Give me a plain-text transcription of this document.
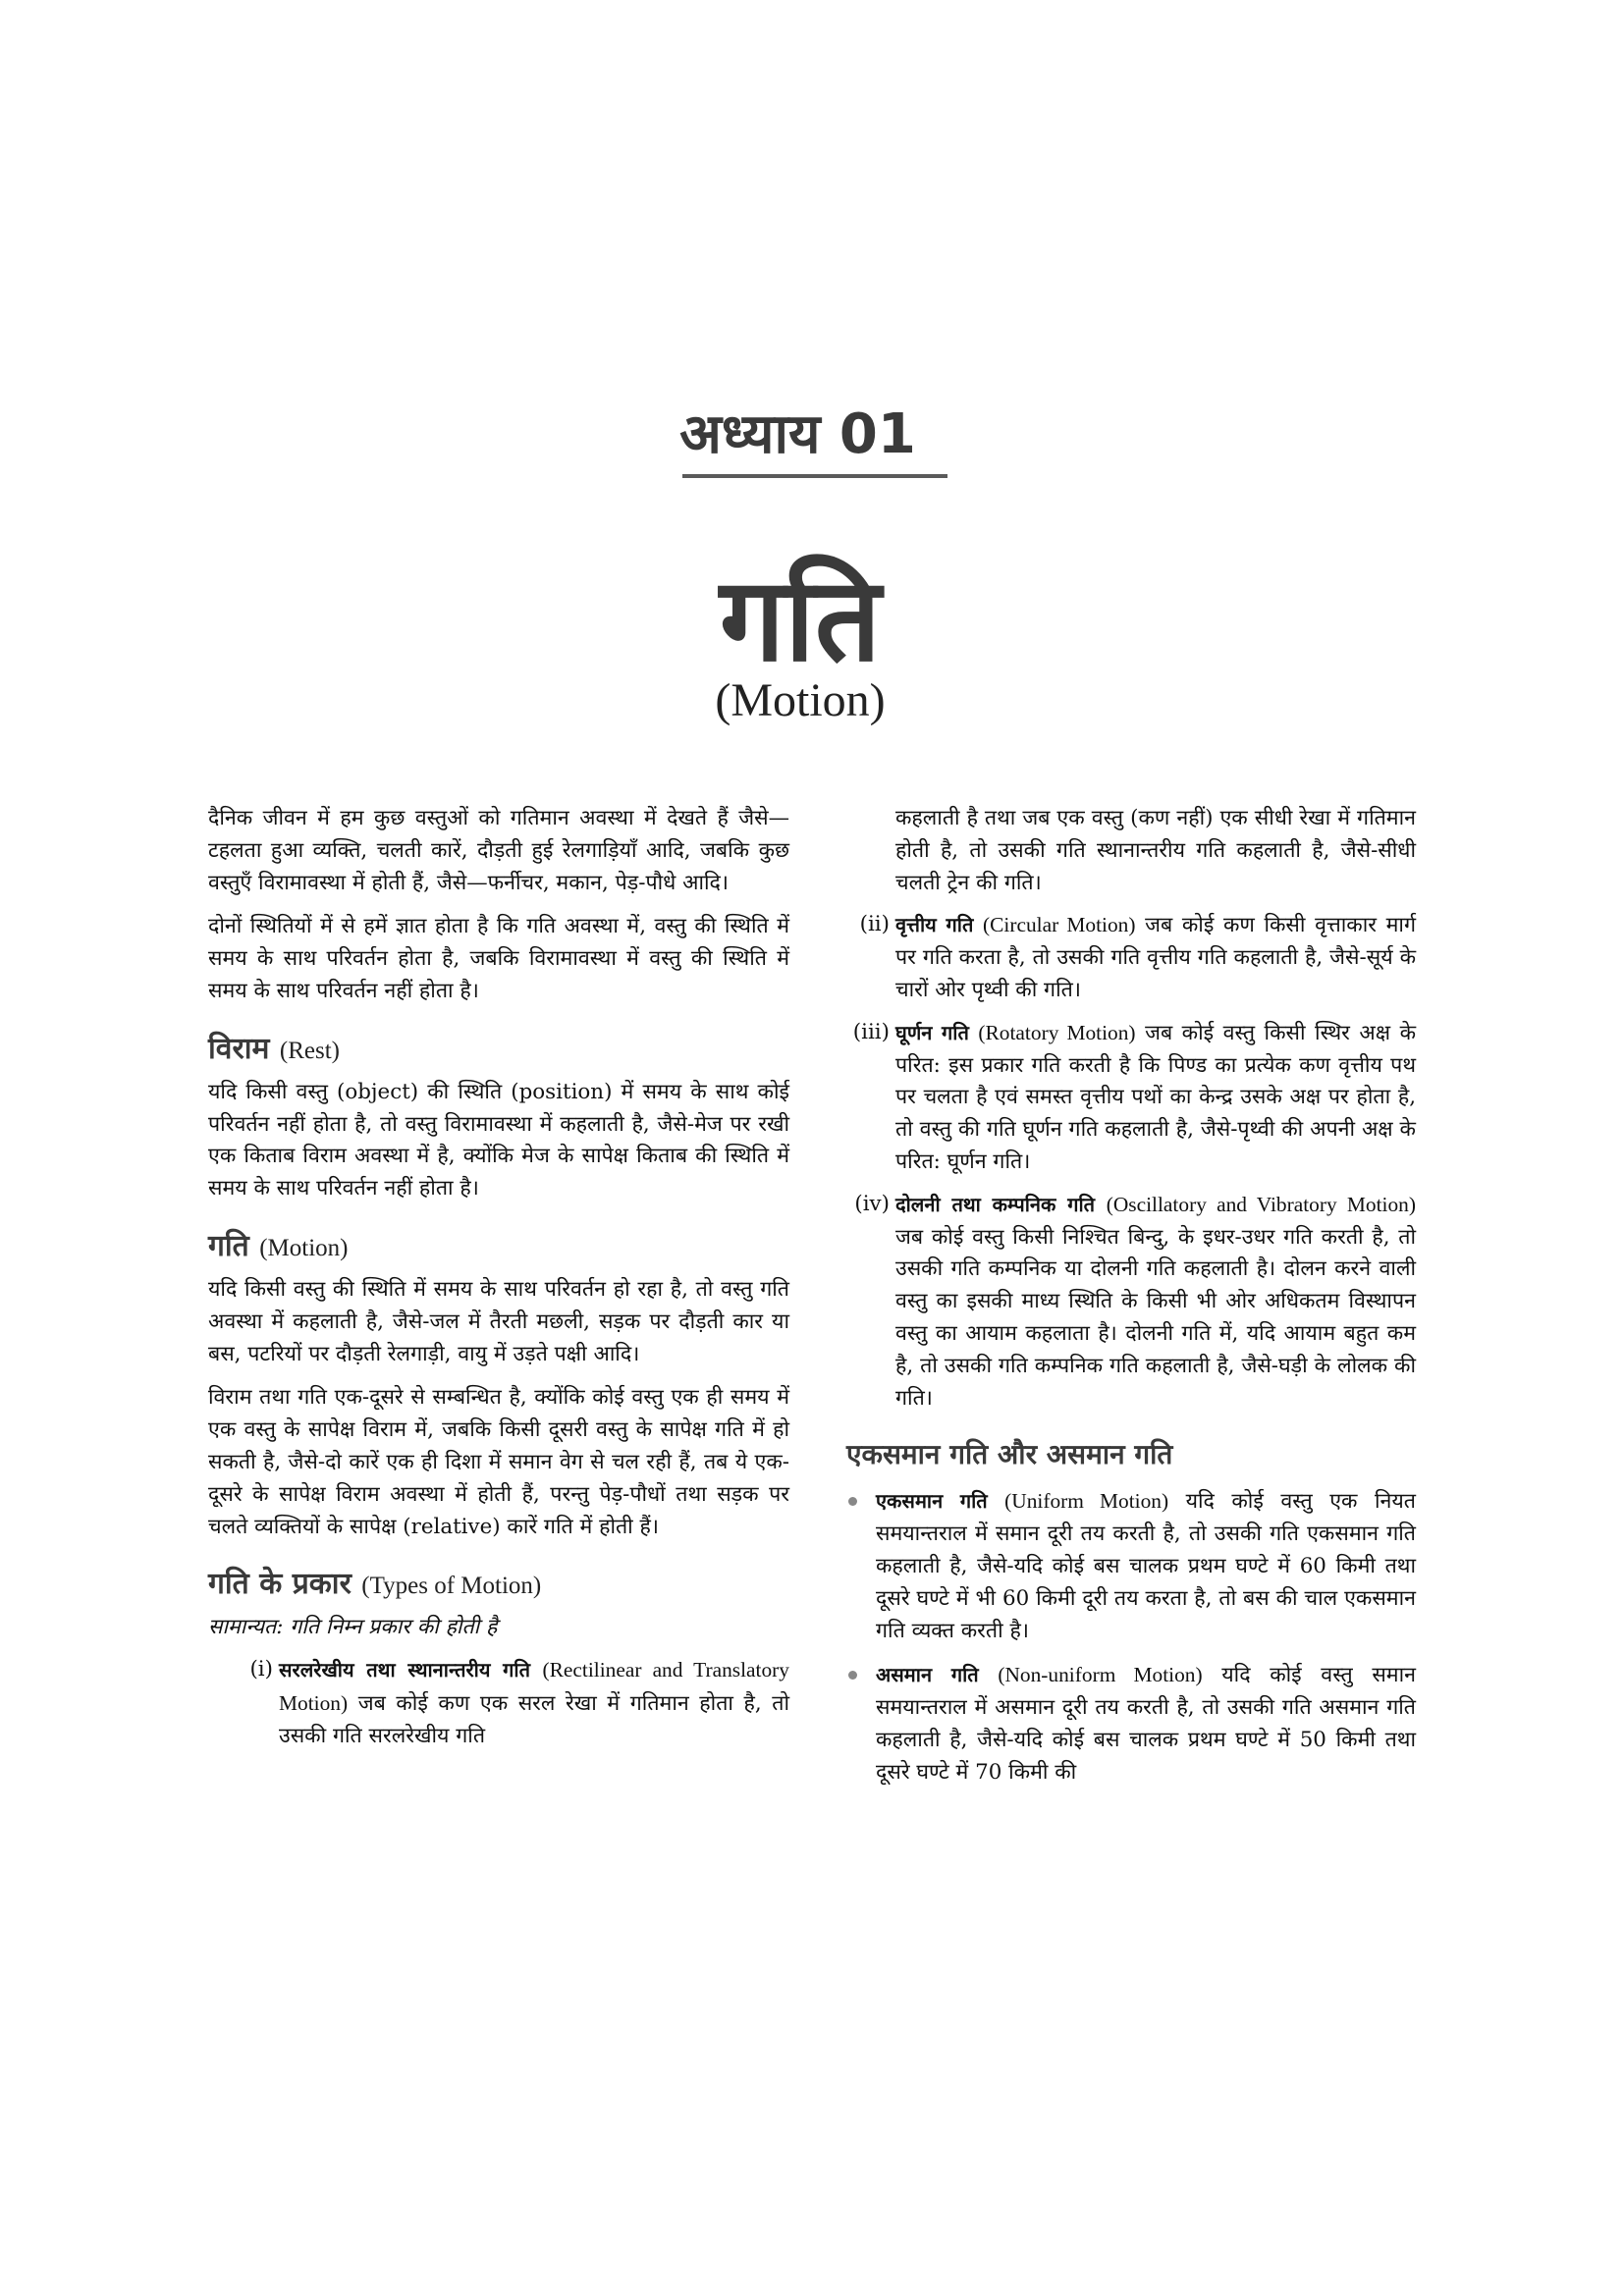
अध्याय 01
गति
(Motion)

दैनिक जीवन में हम कुछ वस्तुओं को गतिमान अवस्था में देखते हैं जैसे—टहलता हुआ व्यक्ति, चलती कारें, दौड़ती हुई रेलगाड़ियाँ आदि, जबकि कुछ वस्तुएँ विरामावस्था में होती हैं, जैसे—फर्नीचर, मकान, पेड़-पौधे आदि।

दोनों स्थितियों में से हमें ज्ञात होता है कि गति अवस्था में, वस्तु की स्थिति में समय के साथ परिवर्तन होता है, जबकि विरामावस्था में वस्तु की स्थिति में समय के साथ परिवर्तन नहीं होता है।

विराम (Rest)

यदि किसी वस्तु (object) की स्थिति (position) में समय के साथ कोई परिवर्तन नहीं होता है, तो वस्तु विरामावस्था में कहलाती है, जैसे-मेज पर रखी एक किताब विराम अवस्था में है, क्योंकि मेज के सापेक्ष किताब की स्थिति में समय के साथ परिवर्तन नहीं होता है।

गति (Motion)

यदि किसी वस्तु की स्थिति में समय के साथ परिवर्तन हो रहा है, तो वस्तु गति अवस्था में कहलाती है, जैसे-जल में तैरती मछली, सड़क पर दौड़ती कार या बस, पटरियों पर दौड़ती रेलगाड़ी, वायु में उड़ते पक्षी आदि।

विराम तथा गति एक-दूसरे से सम्बन्धित है, क्योंकि कोई वस्तु एक ही समय में एक वस्तु के सापेक्ष विराम में, जबकि किसी दूसरी वस्तु के सापेक्ष गति में हो सकती है, जैसे-दो कारें एक ही दिशा में समान वेग से चल रही हैं, तब ये एक-दूसरे के सापेक्ष विराम अवस्था में होती हैं, परन्तु पेड़-पौधों तथा सड़क पर चलते व्यक्तियों के सापेक्ष (relative) कारें गति में होती हैं।

गति के प्रकार (Types of Motion)

सामान्यत: गति निम्न प्रकार की होती है

(i) सरलरेखीय तथा स्थानान्तरीय गति (Rectilinear and Translatory Motion) जब कोई कण एक सरल रेखा में गतिमान होता है, तो उसकी गति सरलरेखीय गति

कहलाती है तथा जब एक वस्तु (कण नहीं) एक सीधी रेखा में गतिमान होती है, तो उसकी गति स्थानान्तरीय गति कहलाती है, जैसे-सीधी चलती ट्रेन की गति।

(ii) वृत्तीय गति (Circular Motion) जब कोई कण किसी वृत्ताकार मार्ग पर गति करता है, तो उसकी गति वृत्तीय गति कहलाती है, जैसे-सूर्य के चारों ओर पृथ्वी की गति।
(iii) घूर्णन गति (Rotatory Motion) जब कोई वस्तु किसी स्थिर अक्ष के परित: इस प्रकार गति करती है कि पिण्ड का प्रत्येक कण वृत्तीय पथ पर चलता है एवं समस्त वृत्तीय पथों का केन्द्र उसके अक्ष पर होता है, तो वस्तु की गति घूर्णन गति कहलाती है, जैसे-पृथ्वी की अपनी अक्ष के परित: घूर्णन गति।
(iv) दोलनी तथा कम्पनिक गति (Oscillatory and Vibratory Motion) जब कोई वस्तु किसी निश्चित बिन्दु, के इधर-उधर गति करती है, तो उसकी गति कम्पनिक या दोलनी गति कहलाती है। दोलन करने वाली वस्तु का इसकी माध्य स्थिति के किसी भी ओर अधिकतम विस्थापन वस्तु का आयाम कहलाता है। दोलनी गति में, यदि आयाम बहुत कम है, तो उसकी गति कम्पनिक गति कहलाती है, जैसे-घड़ी के लोलक की गति।
एकसमान गति और असमान गति
एकसमान गति (Uniform Motion) यदि कोई वस्तु एक नियत समयान्तराल में समान दूरी तय करती है, तो उसकी गति एकसमान गति कहलाती है, जैसे-यदि कोई बस चालक प्रथम घण्टे में 60 किमी तथा दूसरे घण्टे में भी 60 किमी दूरी तय करता है, तो बस की चाल एकसमान गति व्यक्त करती है।
असमान गति (Non-uniform Motion) यदि कोई वस्तु समान समयान्तराल में असमान दूरी तय करती है, तो उसकी गति असमान गति कहलाती है, जैसे-यदि कोई बस चालक प्रथम घण्टे में 50 किमी तथा दूसरे घण्टे में 70 किमी की
